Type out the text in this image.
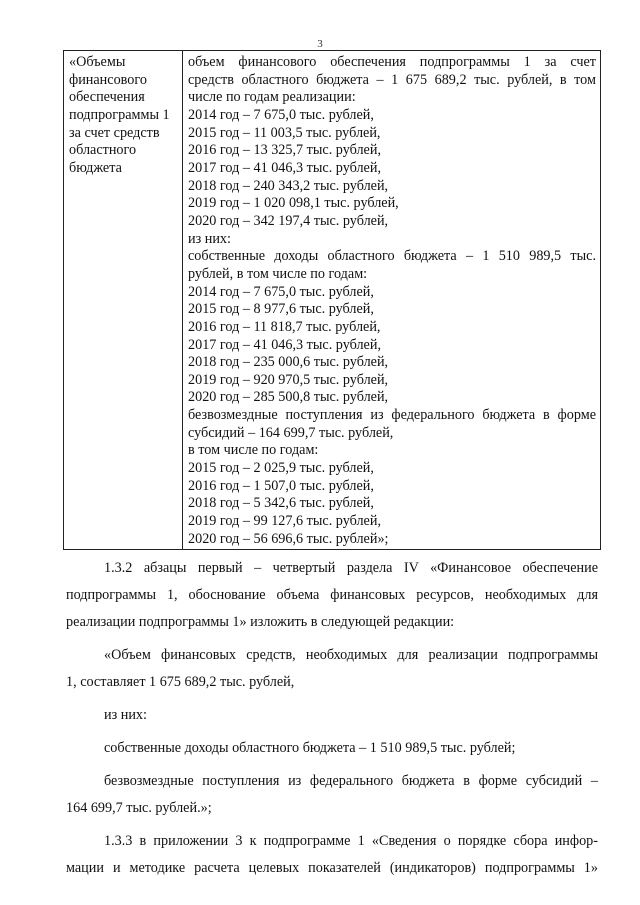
3
«Объемы
финансового
обеспечения
подпрограммы 1
за счет средств
областного
бюджета

объем финансового обеспечения подпрограммы 1 за счет
средств областного бюджета – 1 675 689,2 тыс. рублей, в том
числе по годам реализации:
2014 год – 7 675,0 тыс. рублей,
2015 год – 11 003,5 тыс. рублей,
2016 год – 13 325,7 тыс. рублей,
2017 год – 41 046,3 тыс. рублей,
2018 год – 240 343,2 тыс. рублей,
2019 год – 1 020 098,1 тыс. рублей,
2020 год – 342 197,4 тыс. рублей,
из них:
собственные доходы областного бюджета – 1 510 989,5 тыс.
рублей, в том числе по годам:
2014 год – 7 675,0 тыс. рублей,
2015 год – 8 977,6 тыс. рублей,
2016 год – 11 818,7 тыс. рублей,
2017 год – 41 046,3 тыс. рублей,
2018 год – 235 000,6 тыс. рублей,
2019 год – 920 970,5 тыс. рублей,
2020 год – 285 500,8 тыс. рублей,
безвозмездные поступления из федерального бюджета в форме
субсидий – 164 699,7 тыс. рублей,
в том числе по годам:
2015 год – 2 025,9 тыс. рублей,
2016 год – 1 507,0 тыс. рублей,
2018 год – 5 342,6 тыс. рублей,
2019 год – 99 127,6 тыс. рублей,
2020 год – 56 696,6 тыс. рублей»;
1.3.2 абзацы первый – четвертый раздела IV «Финансовое обеспечение
подпрограммы 1, обоснование объема финансовых ресурсов, необходимых для
реализации подпрограммы 1» изложить в следующей редакции:
«Объем финансовых средств, необходимых для реализации подпрограммы
1, составляет 1 675 689,2 тыс. рублей,
из них:
собственные доходы областного бюджета – 1 510 989,5 тыс. рублей;
безвозмездные поступления из федерального бюджета в форме субсидий –
164 699,7 тыс. рублей.»;
1.3.3 в приложении 3 к подпрограмме 1 «Сведения о порядке сбора инфор-
мации и методике расчета целевых показателей (индикаторов) подпрограммы 1»
